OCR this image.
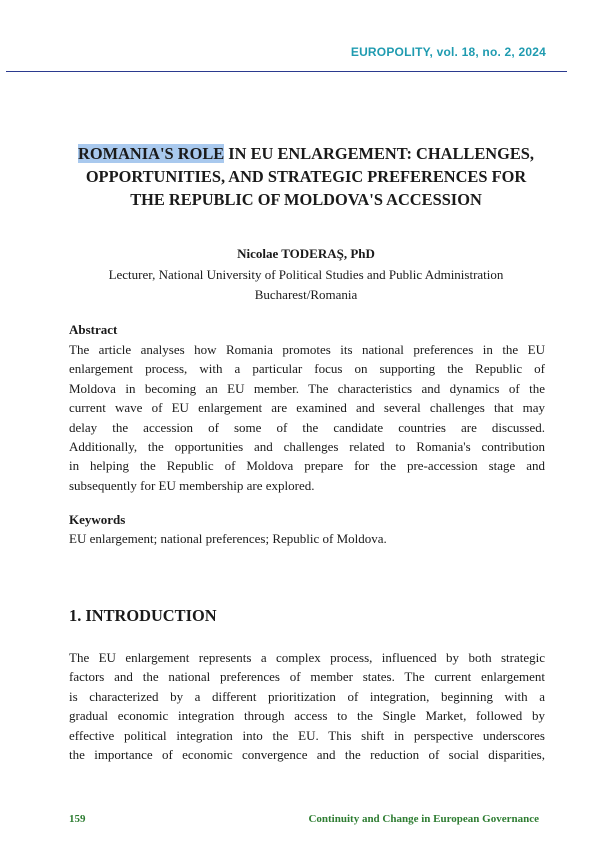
EUROPOLITY, vol. 18, no. 2, 2024
ROMANIA'S ROLE IN EU ENLARGEMENT: CHALLENGES,
OPPORTUNITIES, AND STRATEGIC PREFERENCES FOR
THE REPUBLIC OF MOLDOVA'S ACCESSION
Nicolae TODERAŞ, PhD
Lecturer, National University of Political Studies and Public Administration
Bucharest/Romania
Abstract
The article analyses how Romania promotes its national preferences in the EU
enlargement process, with a particular focus on supporting the Republic of
Moldova in becoming an EU member. The characteristics and dynamics of the
current wave of EU enlargement are examined and several challenges that may
delay the accession of some of the candidate countries are discussed.
Additionally, the opportunities and challenges related to Romania's contribution
in helping the Republic of Moldova prepare for the pre-accession stage and
subsequently for EU membership are explored.
Keywords
EU enlargement; national preferences; Republic of Moldova.
1. INTRODUCTION
The EU enlargement represents a complex process, influenced by both strategic
factors and the national preferences of member states. The current enlargement
is characterized by a different prioritization of integration, beginning with a
gradual economic integration through access to the Single Market, followed by
effective political integration into the EU. This shift in perspective underscores
the importance of economic convergence and the reduction of social disparities,
159	Continuity and Change in European Governance
